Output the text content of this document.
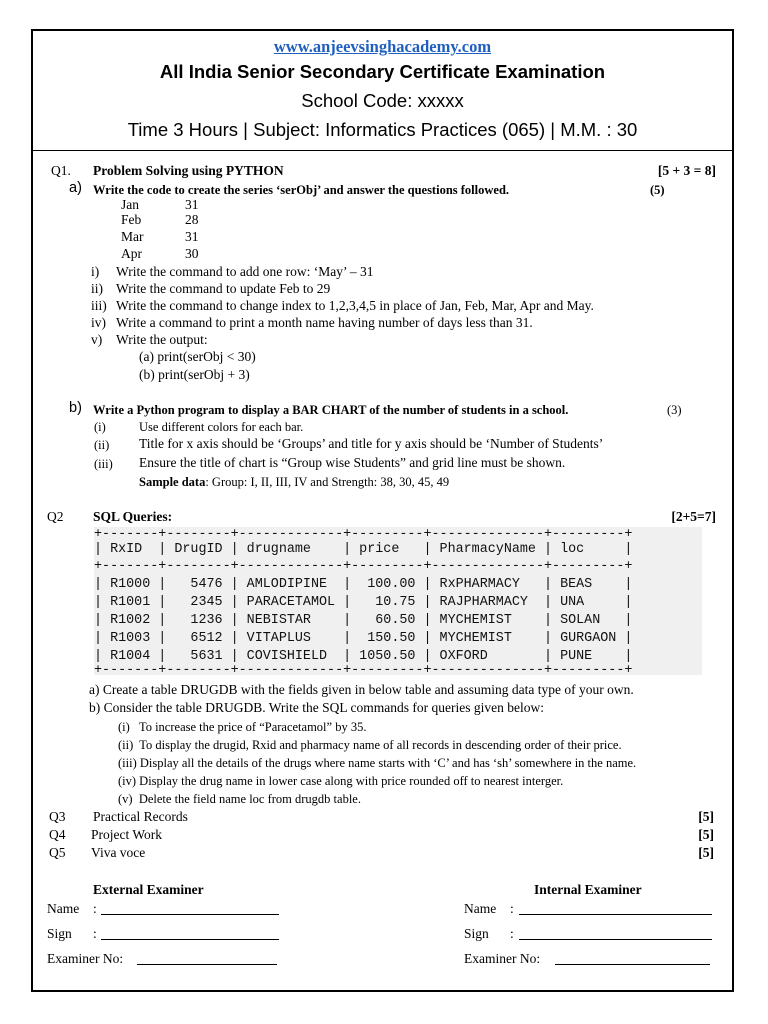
www.anjeevsinghacademy.com
All India Senior Secondary Certificate Examination
School Code: xxxxx
Time 3 Hours | Subject: Informatics Practices (065) | M.M. : 30
Q1. Problem Solving using PYTHON	[5 + 3 = 8]
a) Write the code to create the series ‘serObj’ and answer the questions followed.	(5)
Jan	31
Feb	28
Mar	31
Apr	30
i) Write the command to add one row: ‘May’ – 31
ii) Write the command to update Feb to 29
iii) Write the command to change index to 1,2,3,4,5 in place of Jan, Feb, Mar, Apr and May.
iv) Write a command to print a month name having number of days less than 31.
v) Write the output:
(a) print(serObj < 30)
(b) print(serObj + 3)
b) Write a Python program to display a BAR CHART of the number of students in a school.	(3)
(i)	Use different colors for each bar.
(ii) Title for x axis should be ‘Groups’ and title for y axis should be ‘Number of Students’
(iii) Ensure the title of chart is “Group wise Students” and grid line must be shown.
Sample data: Group: I, II, III, IV and Strength: 38, 30, 45, 49
Q2 SQL Queries:	[2+5=7]
+-------+--------+-------------+---------+--------------+---------+
| RxID  | DrugID | drugname    | price   | PharmacyName | loc     |
+-------+--------+-------------+---------+--------------+---------+
| R1000 |   5476 | AMLODIPINE  |  100.00 | RxPHARMACY   | BEAS    |
| R1001 |   2345 | PARACETAMOL |   10.75 | RAJPHARMACY  | UNA     |
| R1002 |   1236 | NEBISTAR    |   60.50 | MYCHEMIST    | SOLAN   |
| R1003 |   6512 | VITAPLUS    |  150.50 | MYCHEMIST    | GURGAON |
| R1004 |   5631 | COVISHIELD  | 1050.50 | OXFORD       | PUNE    |
+-------+--------+-------------+---------+--------------+---------+
a) Create a table DRUGDB with the fields given in below table and assuming data type of your own.
b) Consider the table DRUGDB. Write the SQL commands for queries given below:
(i)   To increase the price of “Paracetamol” by 35.
(ii)  To display the drugid, Rxid and pharmacy name of all records in descending order of their price.
(iii) Display all the details of the drugs where name starts with ‘C’ and has ‘sh’ somewhere in the name.
(iv) Display the drug name in lower case along with price rounded off to nearest interger.
(v)  Delete the field name loc from drugdb table.
Q3 Practical Records	[5]
Q4 Project Work	[5]
Q5 Viva voce	[5]
External Examiner	Internal Examiner
Name :	Name :
Sign :	Sign :
Examiner No:	Examiner No:
